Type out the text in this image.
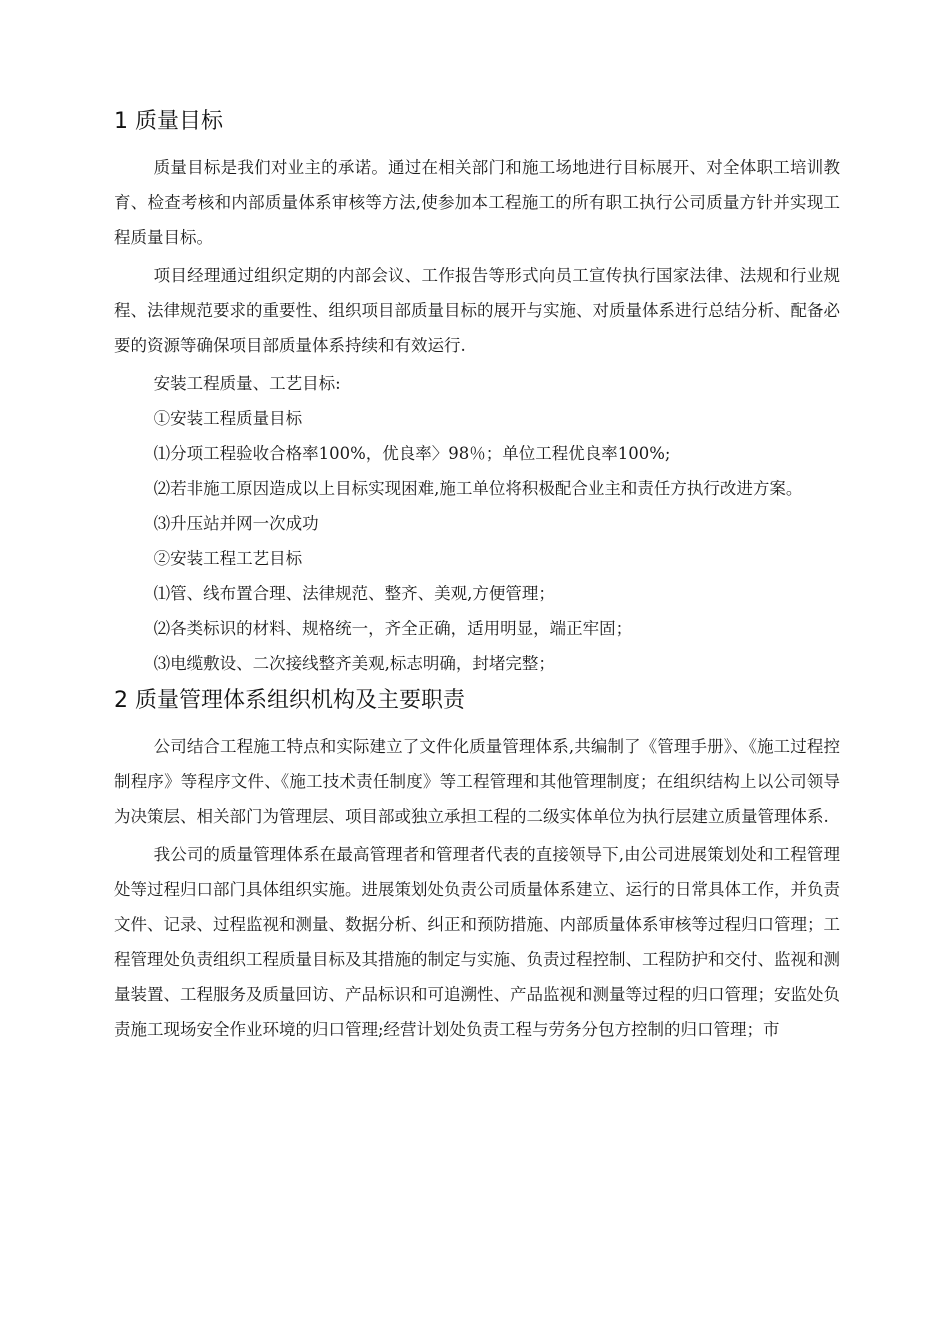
1 质量目标

质量目标是我们对业主的承诺。通过在相关部门和施工场地进行目标展开、对全体职工培训教育、检查考核和内部质量体系审核等方法,使参加本工程施工的所有职工执行公司质量方针并实现工程质量目标。

项目经理通过组织定期的内部会议、工作报告等形式向员工宣传执行国家法律、法规和行业规程、法律规范要求的重要性、组织项目部质量目标的展开与实施、对质量体系进行总结分析、配备必要的资源等确保项目部质量体系持续和有效运行.

安装工程质量、工艺目标:

①安装工程质量目标

⑴分项工程验收合格率100%，优良率〉98％；单位工程优良率100%;

⑵若非施工原因造成以上目标实现困难,施工单位将积极配合业主和责任方执行改进方案。

⑶升压站并网一次成功

②安装工程工艺目标

⑴管、线布置合理、法律规范、整齐、美观,方便管理；

⑵各类标识的材料、规格统一，齐全正确，适用明显，端正牢固；

⑶电缆敷设、二次接线整齐美观,标志明确，封堵完整；

2 质量管理体系组织机构及主要职责

公司结合工程施工特点和实际建立了文件化质量管理体系,共编制了《管理手册》、《施工过程控制程序》等程序文件、《施工技术责任制度》等工程管理和其他管理制度；在组织结构上以公司领导为决策层、相关部门为管理层、项目部或独立承担工程的二级实体单位为执行层建立质量管理体系.

我公司的质量管理体系在最高管理者和管理者代表的直接领导下,由公司进展策划处和工程管理处等过程归口部门具体组织实施。进展策划处负责公司质量体系建立、运行的日常具体工作，并负责文件、记录、过程监视和测量、数据分析、纠正和预防措施、内部质量体系审核等过程归口管理；工程管理处负责组织工程质量目标及其措施的制定与实施、负责过程控制、工程防护和交付、监视和测量装置、工程服务及质量回访、产品标识和可追溯性、产品监视和测量等过程的归口管理；安监处负责施工现场安全作业环境的归口管理;经营计划处负责工程与劳务分包方控制的归口管理；市
